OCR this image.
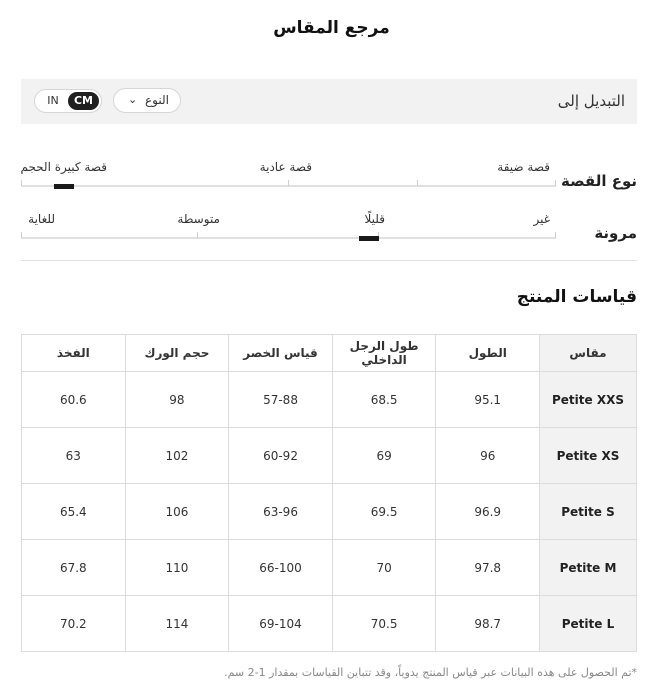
مرجع المقاس
التبديل إلى
النوع
⌄
IN	CM
نوع القصة
قصة ضيقة
قصة عادية
قصة كبيرة الحجم
مرونة
غير
قليلًا
متوسطة
للغاية
قياسات المنتج
مقاس	الطول	طول الرجل الداخلي	قياس الخصر	حجم الورك	الفخذ
Petite XXS	95.1	68.5	57-88	98	60.6
Petite XS	96	69	60-92	102	63
Petite S	96.9	69.5	63-96	106	65.4
Petite M	97.8	70	66-100	110	67.8
Petite L	98.7	70.5	69-104	114	70.2
*تم الحصول على هذه البيانات عبر قياس المنتج يدوياً، وقد تتباين القياسات بمقدار 1-2 سم.
